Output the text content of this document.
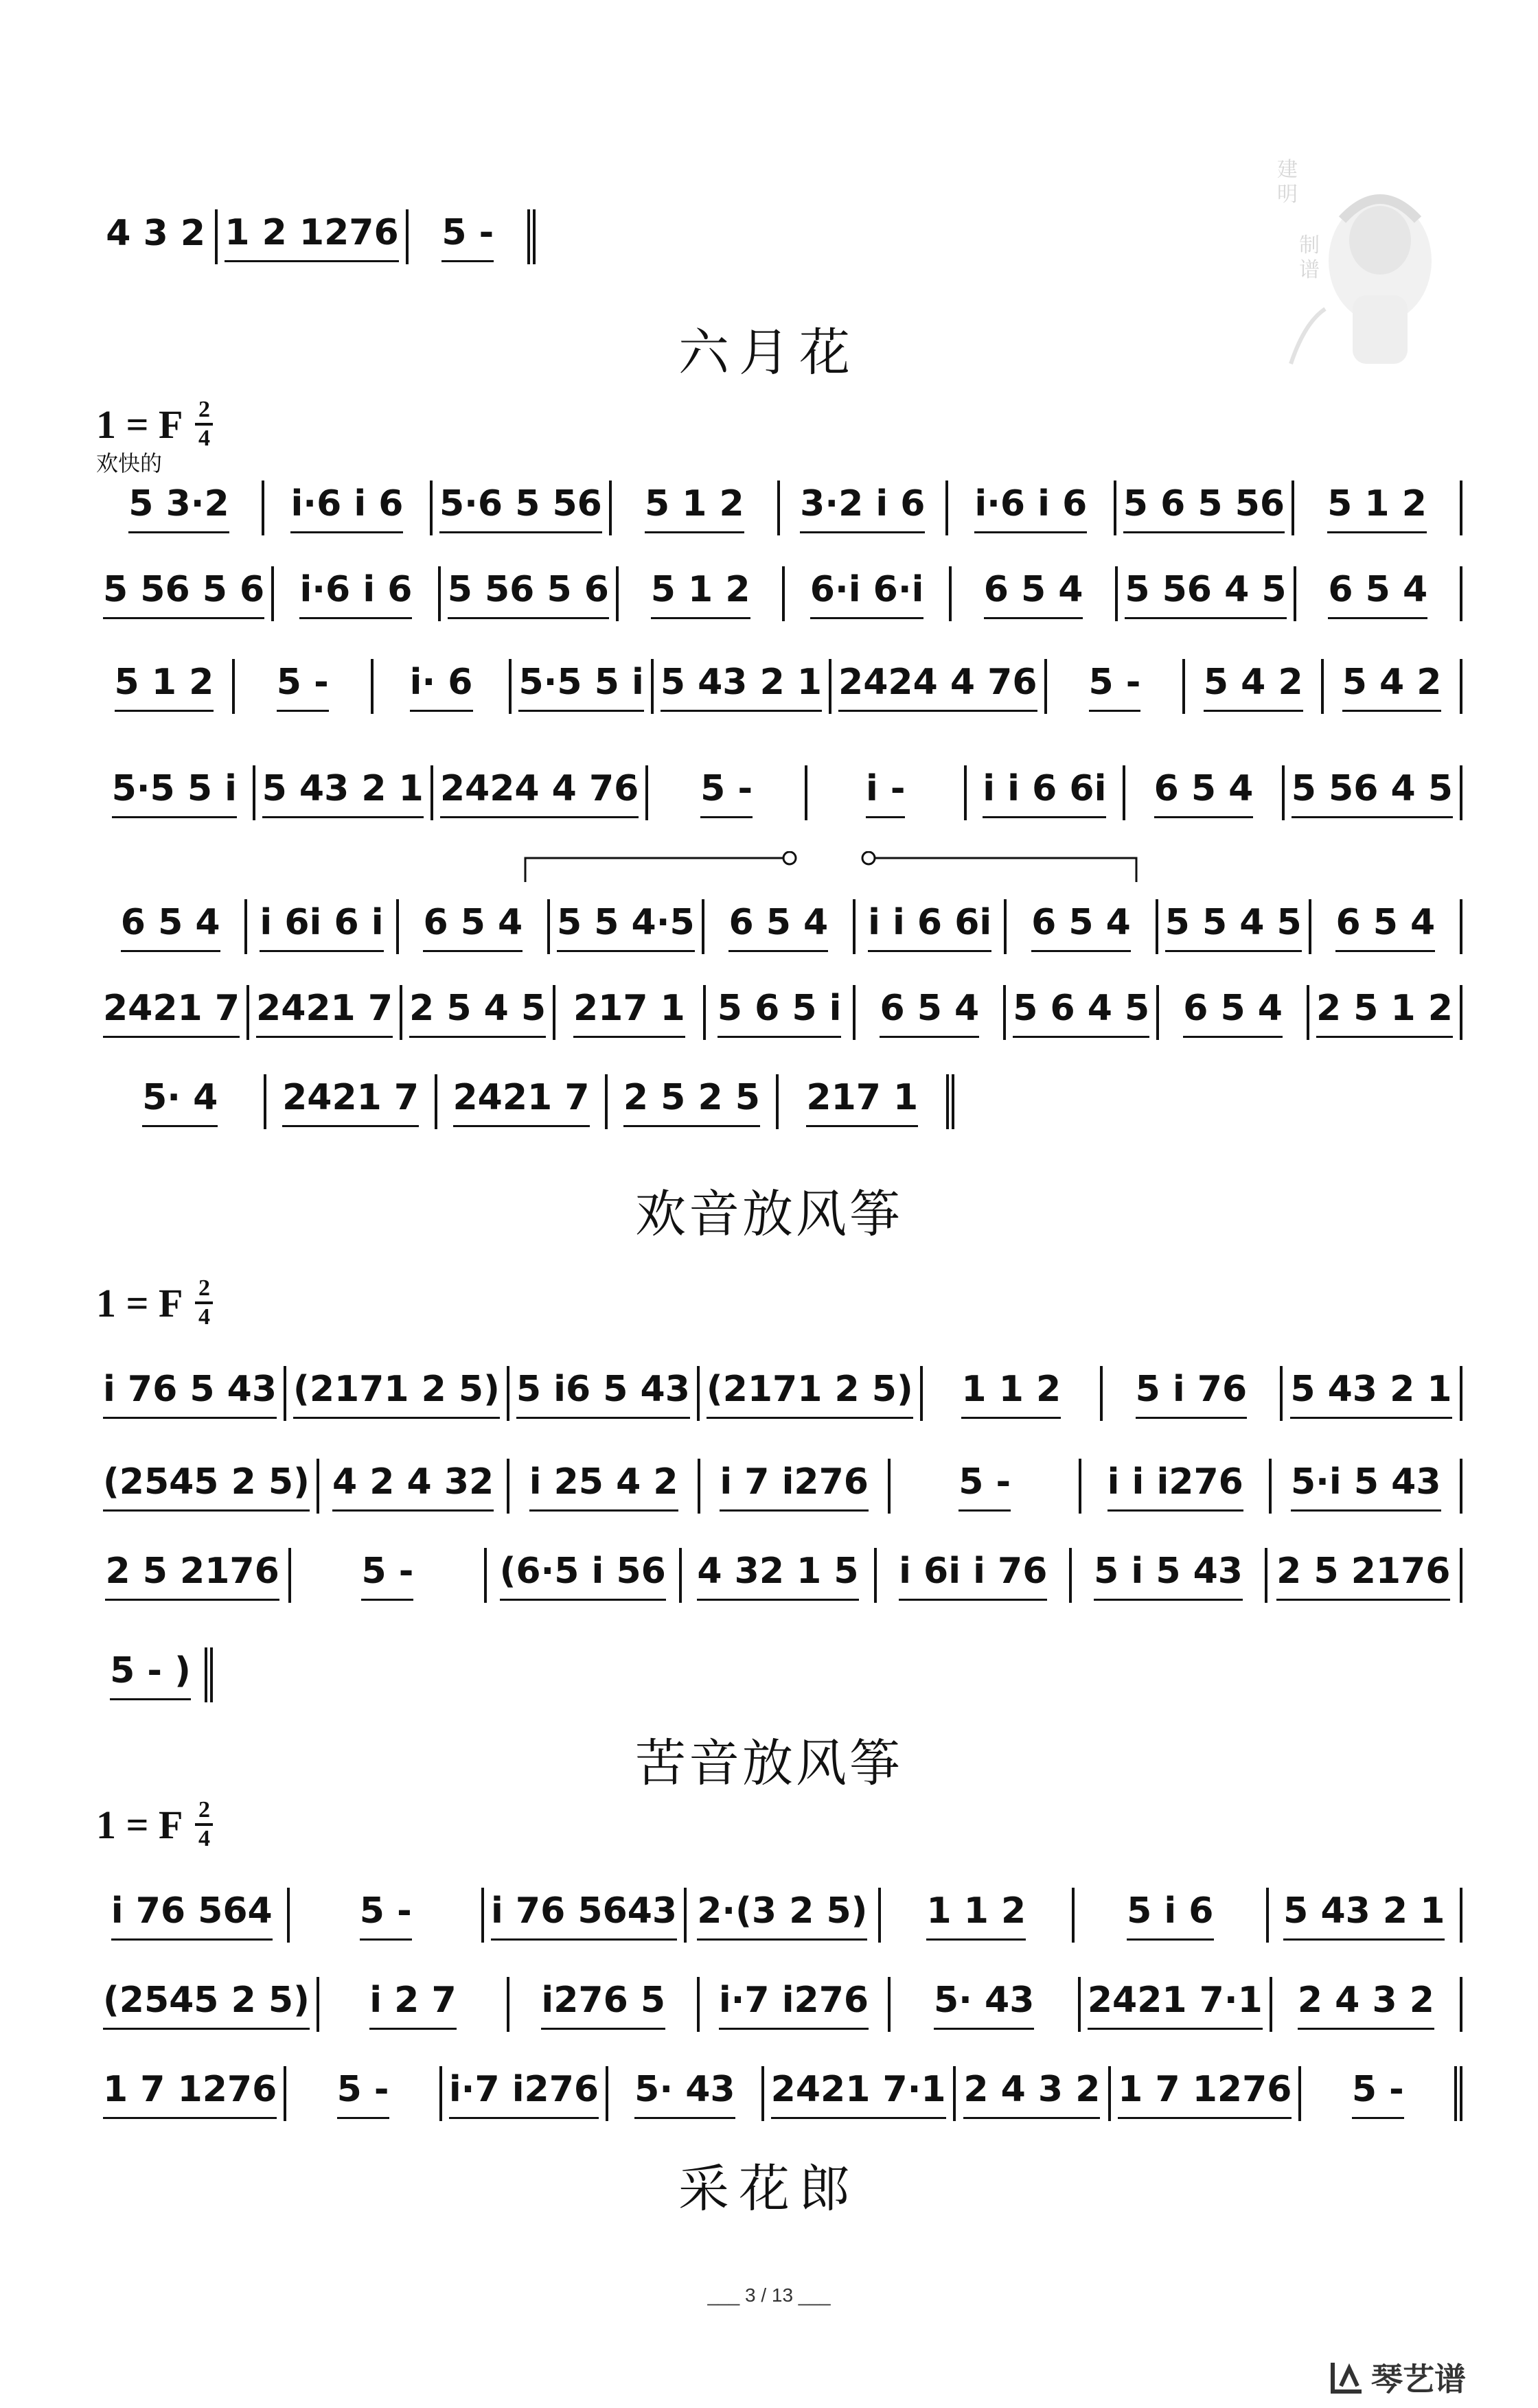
建明
制谱
4 3 2 1 2 1276 5 -
六月花
1 = F $\frac{2}{4}$
欢快的
5 3·2 i·6 i 6 5·6 5 56 5 1 2 3·2 i 6 i·6 i 6 5 6 5 56 5 1 2
5 56 5 6 i·6 i 6 5 56 5 6 5 1 2 6·i 6·i 6 5 4 5 56 4 5 6 5 4
5 1 2 5 - i· 6 5·5 5 i 5 43 2 1 2424 4 76 5 - 5 4 2 5 4 2
5·5 5 i 5 43 2 1 2424 4 76 5 -	i - i i 6 6i 6 5 4 5 56 4 5
6 5 4 i 6i 6 i 6 5 4 5 5 4·5 6 5 4 i i 6 6i 6 5 4 5 5 4 5 6 5 4
2421 7 2421 7 2 5 4 5 217 1 5 6 5 i 6 5 4 5 6 4 5 6 5 4 2 5 1 2
5· 4 2421 7 2421 7 2 5 2 5 217 1
欢音放风筝
1 = F $\frac{2}{4}$
i 76 5 43 (2171 2 5) 5 i6 5 43 (2171 2 5) 1 1 2 5 i 76 5 43 2 1
(2545 2 5) 4 2 4 32 i 25 4 2 i 7 i276	5 -	i i i276 5·i 5 43
2 5 2176 5 - (6·5 i 56 4 32 1 5 i 6i i 76 5 i 5 43 2 5 2176
5 - )
苦音放风筝
1 = F $\frac{2}{4}$
i 76 564 5 - i 76 5643 2·(3 2 5) 1 1 2	5 i 6 5 43 2 1
(2545 2 5) i 2 7 i276 5 i·7 i276 5· 43 2421 7·1 2 4 3 2
1 7 1276 5 - i·7 i276 5· 43 2421 7·1 2 4 3 2 1 7 1276 5 -
采花郎
___ 3 / 13 ___
琴艺谱
